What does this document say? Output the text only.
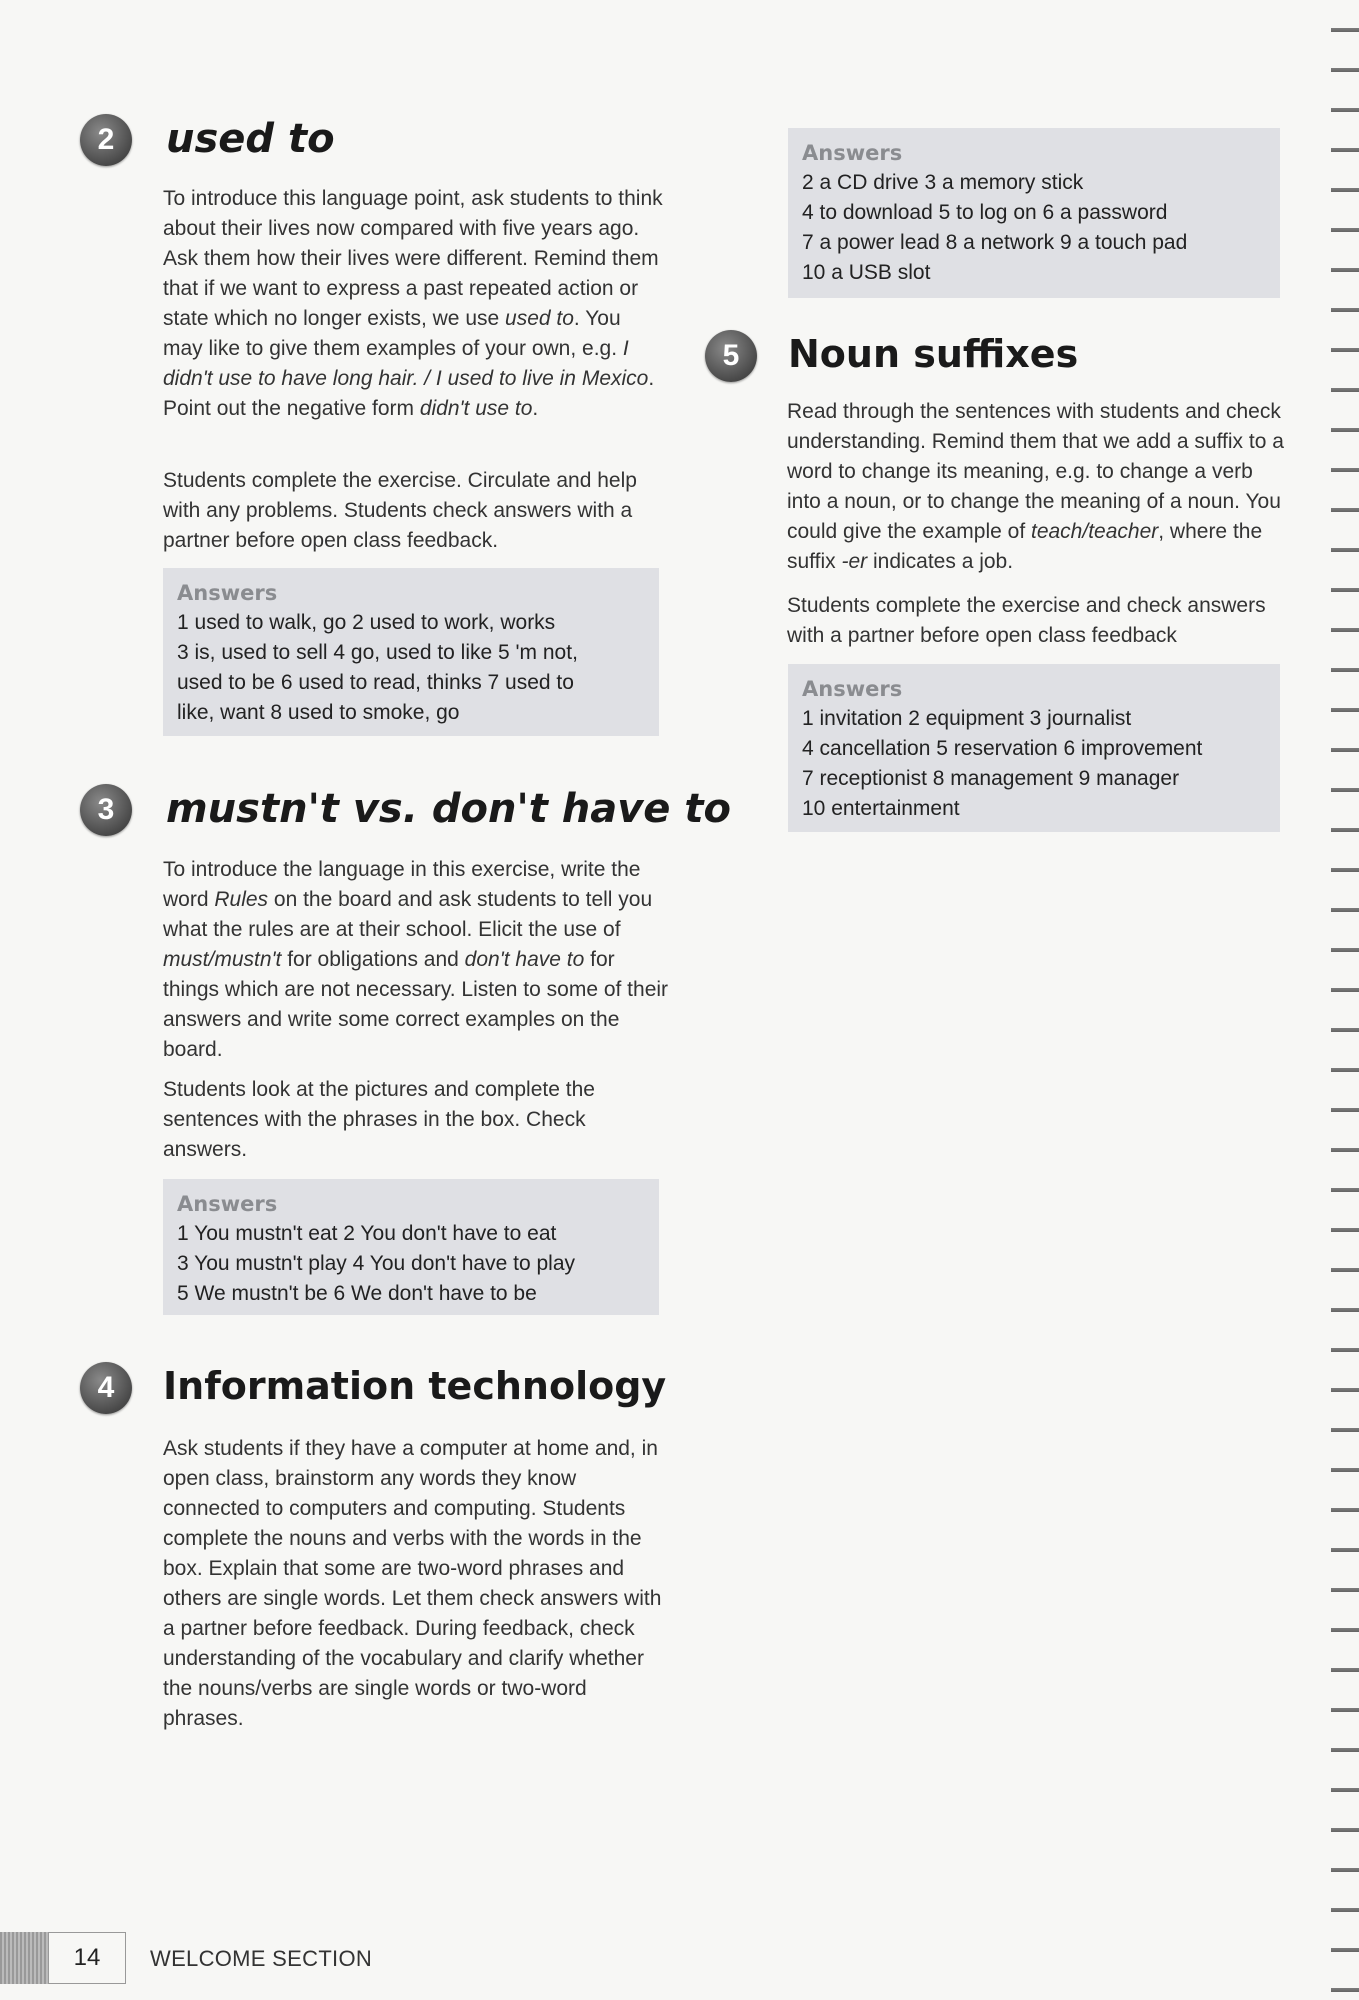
2	used to
To introduce this language point, ask students to think about their lives now compared with five years ago. Ask them how their lives were different. Remind them that if we want to express a past repeated action or state which no longer exists, we use used to. You may like to give them examples of your own, e.g. I didn't use to have long hair. / I used to live in Mexico. Point out the negative form didn't use to.
Students complete the exercise. Circulate and help with any problems. Students check answers with a partner before open class feedback.
Answers
1 used to walk, go 2 used to work, works
3 is, used to sell 4 go, used to like 5 'm not,
used to be 6 used to read, thinks 7 used to
like, want 8 used to smoke, go
3	mustn't vs. don't have to
To introduce the language in this exercise, write the word Rules on the board and ask students to tell you what the rules are at their school. Elicit the use of must/mustn't for obligations and don't have to for things which are not necessary. Listen to some of their answers and write some correct examples on the board.
Students look at the pictures and complete the sentences with the phrases in the box. Check answers.
Answers
1 You mustn't eat 2 You don't have to eat
3 You mustn't play 4 You don't have to play
5 We mustn't be 6 We don't have to be
4	Information technology
Ask students if they have a computer at home and, in open class, brainstorm any words they know connected to computers and computing. Students complete the nouns and verbs with the words in the box. Explain that some are two-word phrases and others are single words. Let them check answers with a partner before feedback. During feedback, check understanding of the vocabulary and clarify whether the nouns/verbs are single words or two-word phrases.
Answers
2 a CD drive 3 a memory stick
4 to download 5 to log on 6 a password
7 a power lead 8 a network 9 a touch pad
10 a USB slot
5	Noun suffixes
Read through the sentences with students and check understanding. Remind them that we add a suffix to a word to change its meaning, e.g. to change a verb into a noun, or to change the meaning of a noun. You could give the example of teach/teacher, where the suffix -er indicates a job.
Students complete the exercise and check answers with a partner before open class feedback
Answers
1 invitation 2 equipment 3 journalist
4 cancellation 5 reservation 6 improvement
7 receptionist 8 management 9 manager
10 entertainment
14	WELCOME SECTION
